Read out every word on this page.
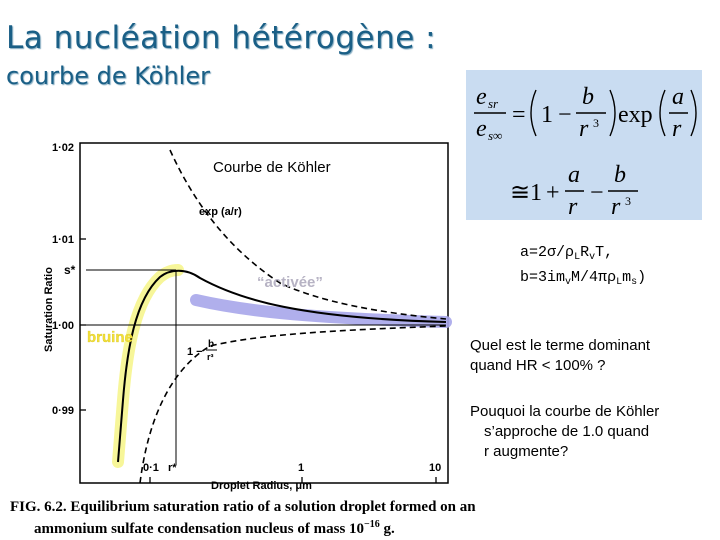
La nucléation hétérogène :
courbe de Köhler
e sr
e s∞
= 1 −
b
r 3 exp
a
r
≅ 1 +
a
r
−
b
r 3
Courbe de Köhler
exp (a/r)
“activée”
bruine
1 −
b
r³
s*
1·02
1·01
1·00
0·99
0·1 r*	1	10
Droplet Radius, μm
Saturation Ratio
$a=2\sigma/\rho_LR_vT$,
$b=3im_vM/4\pi\rho_Lm_s$)
Quel est le terme dominant
quand HR < 100% ?
Pouquoi la courbe de Köhler
s’approche de 1.0 quand
r augmente?
FIG. 6.2. Equilibrium saturation ratio of a solution droplet formed on an
ammonium sulfate condensation nucleus of mass $10^{-16}$ g.
